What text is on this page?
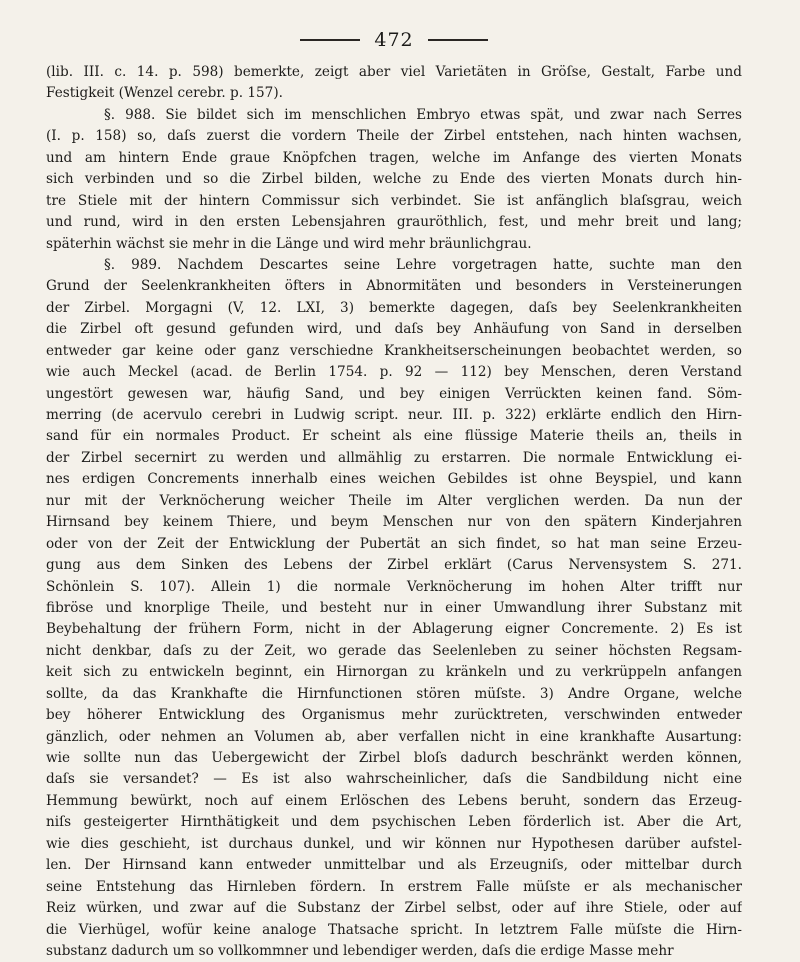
472
(lib. III. c. 14. p. 598) bemerkte, zeigt aber viel Varietäten in Gröſse, Gestalt, Farbe und
Festigkeit (Wenzel cerebr. p. 157).
§. 988. Sie bildet sich im menschlichen Embryo etwas spät, und zwar nach Serres
(I. p. 158) so, daſs zuerst die vordern Theile der Zirbel entstehen, nach hinten wachsen,
und am hintern Ende graue Knöpfchen tragen, welche im Anfange des vierten Monats
sich verbinden und so die Zirbel bilden, welche zu Ende des vierten Monats durch hin-
tre Stiele mit der hintern Commissur sich verbindet. Sie ist anfänglich blaſsgrau, weich
und rund, wird in den ersten Lebensjahren grauröthlich, fest, und mehr breit und lang;
späterhin wächst sie mehr in die Länge und wird mehr bräunlichgrau.
§. 989. Nachdem Descartes seine Lehre vorgetragen hatte, suchte man den
Grund der Seelenkrankheiten öfters in Abnormitäten und besonders in Versteinerungen
der Zirbel. Morgagni (V, 12. LXI, 3) bemerkte dagegen, daſs bey Seelenkrankheiten
die Zirbel oft gesund gefunden wird, und daſs bey Anhäufung von Sand in derselben
entweder gar keine oder ganz verschiedne Krankheitserscheinungen beobachtet werden, so
wie auch Meckel (acad. de Berlin 1754. p. 92 — 112) bey Menschen, deren Verstand
ungestört gewesen war, häufig Sand, und bey einigen Verrückten keinen fand. Söm-
merring (de acervulo cerebri in Ludwig script. neur. III. p. 322) erklärte endlich den Hirn-
sand für ein normales Product. Er scheint als eine flüssige Materie theils an, theils in
der Zirbel secernirt zu werden und allmählig zu erstarren. Die normale Entwicklung ei-
nes erdigen Concrements innerhalb eines weichen Gebildes ist ohne Beyspiel, und kann
nur mit der Verknöcherung weicher Theile im Alter verglichen werden. Da nun der
Hirnsand bey keinem Thiere, und beym Menschen nur von den spätern Kinderjahren
oder von der Zeit der Entwicklung der Pubertät an sich findet, so hat man seine Erzeu-
gung aus dem Sinken des Lebens der Zirbel erklärt (Carus Nervensystem S. 271.
Schönlein S. 107). Allein 1) die normale Verknöcherung im hohen Alter trifft nur
fibröse und knorplige Theile, und besteht nur in einer Umwandlung ihrer Substanz mit
Beybehaltung der frühern Form, nicht in der Ablagerung eigner Concremente. 2) Es ist
nicht denkbar, daſs zu der Zeit, wo gerade das Seelenleben zu seiner höchsten Regsam-
keit sich zu entwickeln beginnt, ein Hirnorgan zu kränkeln und zu verkrüppeln anfangen
sollte, da das Krankhafte die Hirnfunctionen stören müſste. 3) Andre Organe, welche
bey höherer Entwicklung des Organismus mehr zurücktreten, verschwinden entweder
gänzlich, oder nehmen an Volumen ab, aber verfallen nicht in eine krankhafte Ausartung:
wie sollte nun das Uebergewicht der Zirbel bloſs dadurch beschränkt werden können,
daſs sie versandet? — Es ist also wahrscheinlicher, daſs die Sandbildung nicht eine
Hemmung bewürkt, noch auf einem Erlöschen des Lebens beruht, sondern das Erzeug-
niſs gesteigerter Hirnthätigkeit und dem psychischen Leben förderlich ist. Aber die Art,
wie dies geschieht, ist durchaus dunkel, und wir können nur Hypothesen darüber aufstel-
len. Der Hirnsand kann entweder unmittelbar und als Erzeugniſs, oder mittelbar durch
seine Entstehung das Hirnleben fördern. In erstrem Falle müſste er als mechanischer
Reiz würken, und zwar auf die Substanz der Zirbel selbst, oder auf ihre Stiele, oder auf
die Vierhügel, wofür keine analoge Thatsache spricht. In letztrem Falle müſste die Hirn-
substanz dadurch um so vollkommner und lebendiger werden, daſs die erdige Masse mehr
